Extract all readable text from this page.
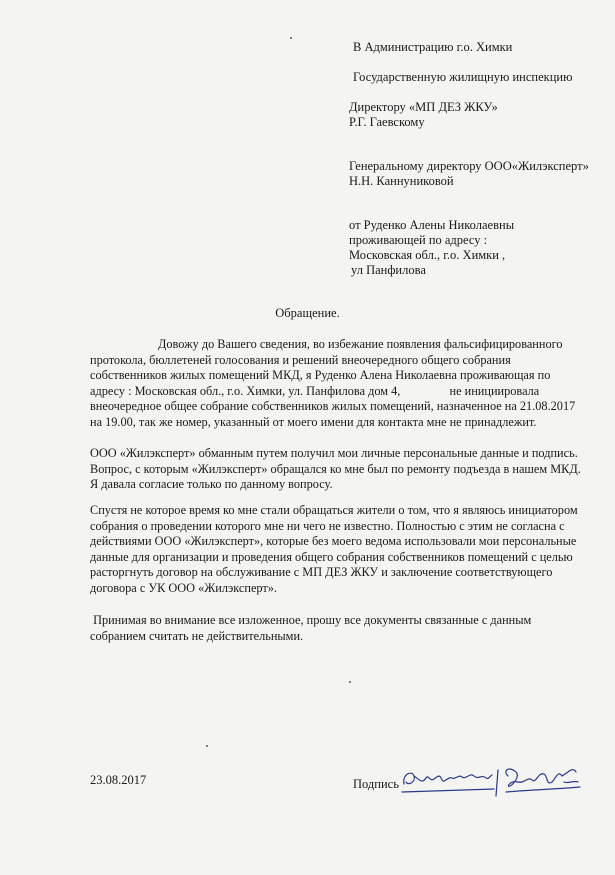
В Администрацию г.о. Химки
Государственную жилищную инспекцию
Директору «МП ДЕЗ ЖКУ»
Р.Г. Гаевскому
Генеральному директору ООО«Жилэксперт»
Н.Н. Каннуниковой
от Руденко Алены Николаевны
проживающей по адресу :
Московская обл., г.о. Химки ,
ул Панфилова
Обращение.
Довожу до Вашего сведения, во избежание появления фальсифицированного
протокола, бюллетеней голосования и решений внеочередного общего собрания
собственников жилых помещений МКД, я Руденко Алена Николаевна проживающая по
адресу : Московская обл., г.о. Химки, ул. Панфилова дом 4,                не инициировала
внеочередное общее собрание собственников жилых помещений, назначенное на 21.08.2017
на 19.00, так же номер, указанный от моего имени для контакта мне не принадлежит.
ООО «Жилэксперт» обманным путем получил мои личные персональные данные и подпись.
Вопрос, с которым «Жилэксперт» обращался ко мне был по ремонту подъезда в нашем МКД.
Я давала согласие только по данному вопросу.
Спустя не которое время ко мне стали обращаться жители о том, что я являюсь инициатором
собрания о проведении которого мне ни чего не известно. Полностью с этим не согласна с
действиями ООО «Жилэксперт», которые без моего ведома использовали мои персональные
данные для организации и проведения общего собрания собственников помещений с целью
расторгнуть договор на обслуживание с МП ДЕЗ ЖКУ и заключение соответствующего
договора с УК ООО «Жилэксперт».
Принимая во внимание все изложенное, прошу все документы связанные с данным
собранием считать не действительными.
23.08.2017	Подпись
